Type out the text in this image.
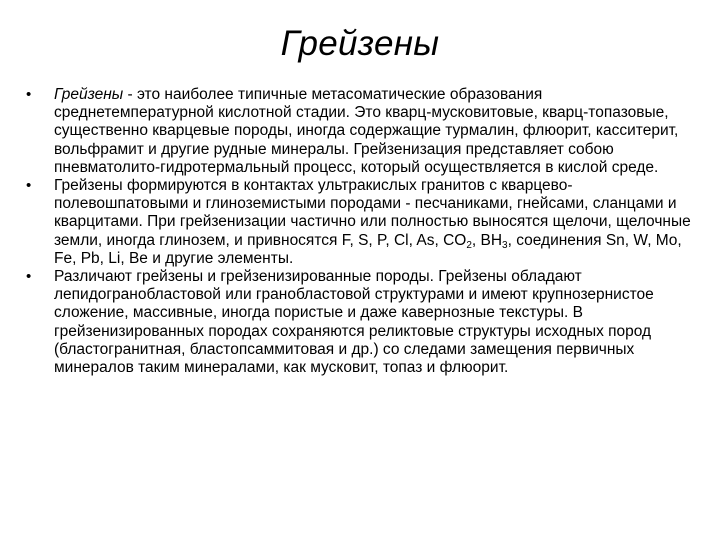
Грейзены
•	Грейзены - это наиболее типичные метасоматические образования среднетемпературной кислотной стадии. Это кварц-мусковитовые, кварц-топазовые, существенно кварцевые породы, иногда содержащие турмалин, флюорит, касситерит, вольфрамит и другие рудные минералы. Грейзенизация представляет собою пневматолито-гидротермальный процесс, который осуществляется в кислой среде.
•	Грейзены формируются в контактах ультракислых гранитов с кварцево-полевошпатовыми и глиноземистыми породами - песчаниками, гнейсами, сланцами и кварцитами. При грейзенизации частично или полностью выносятся щелочи, щелочные земли, иногда глинозем, и привносятся F, S, P, Cl, As, $CO_2$, $BH_3$, соединения Sn, W, Mo, Fe, Pb, Li, Be и другие элементы.
•	Различают грейзены и грейзенизированные породы. Грейзены обладают лепидогранобластовой или гранобластовой структурами и имеют крупнозернистое сложение, массивные, иногда пористые и даже кавернозные текстуры. В грейзенизированных породах сохраняются реликтовые структуры исходных пород (бластогранитная, бластопсаммитовая и др.) со следами замещения первичных минералов таким минералами, как мусковит, топаз и флюорит.
